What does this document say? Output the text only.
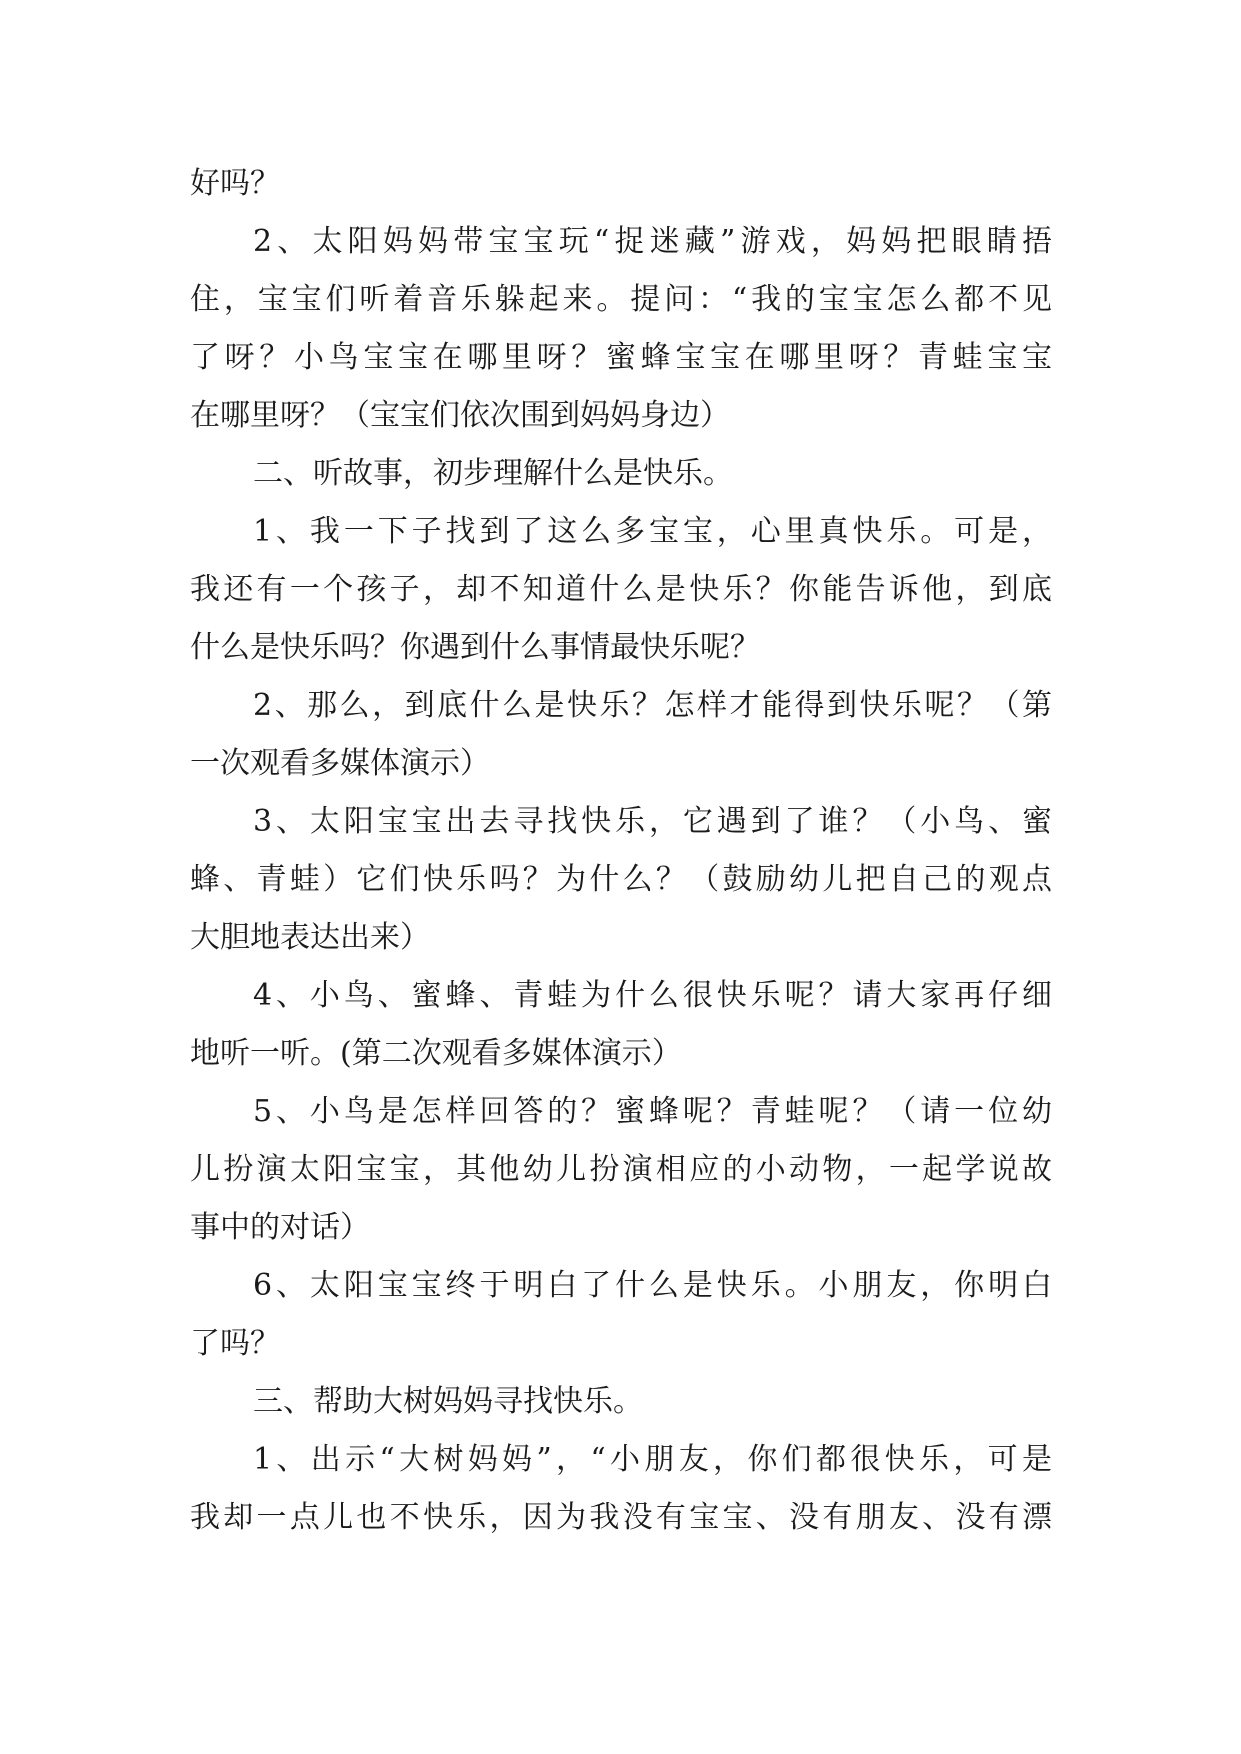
好吗？
2、太阳妈妈带宝宝玩“捉迷藏”游戏，妈妈把眼睛捂
住，宝宝们听着音乐躲起来。提问：“我的宝宝怎么都不见
了呀？小鸟宝宝在哪里呀？蜜蜂宝宝在哪里呀？青蛙宝宝
在哪里呀？（宝宝们依次围到妈妈身边）
二、听故事，初步理解什么是快乐。
1、我一下子找到了这么多宝宝，心里真快乐。可是，
我还有一个孩子，却不知道什么是快乐？你能告诉他，到底
什么是快乐吗？你遇到什么事情最快乐呢？
2、那么，到底什么是快乐？怎样才能得到快乐呢？（第
一次观看多媒体演示）
3、太阳宝宝出去寻找快乐，它遇到了谁？（小鸟、蜜
蜂、青蛙）它们快乐吗？为什么？（鼓励幼儿把自己的观点
大胆地表达出来）
4、小鸟、蜜蜂、青蛙为什么很快乐呢？请大家再仔细
地听一听。(第二次观看多媒体演示）
5、小鸟是怎样回答的？蜜蜂呢？青蛙呢？（请一位幼
儿扮演太阳宝宝，其他幼儿扮演相应的小动物，一起学说故
事中的对话）
6、太阳宝宝终于明白了什么是快乐。小朋友，你明白
了吗？
三、帮助大树妈妈寻找快乐。
1、出示“大树妈妈”，“小朋友，你们都很快乐，可是
我却一点儿也不快乐，因为我没有宝宝、没有朋友、没有漂
